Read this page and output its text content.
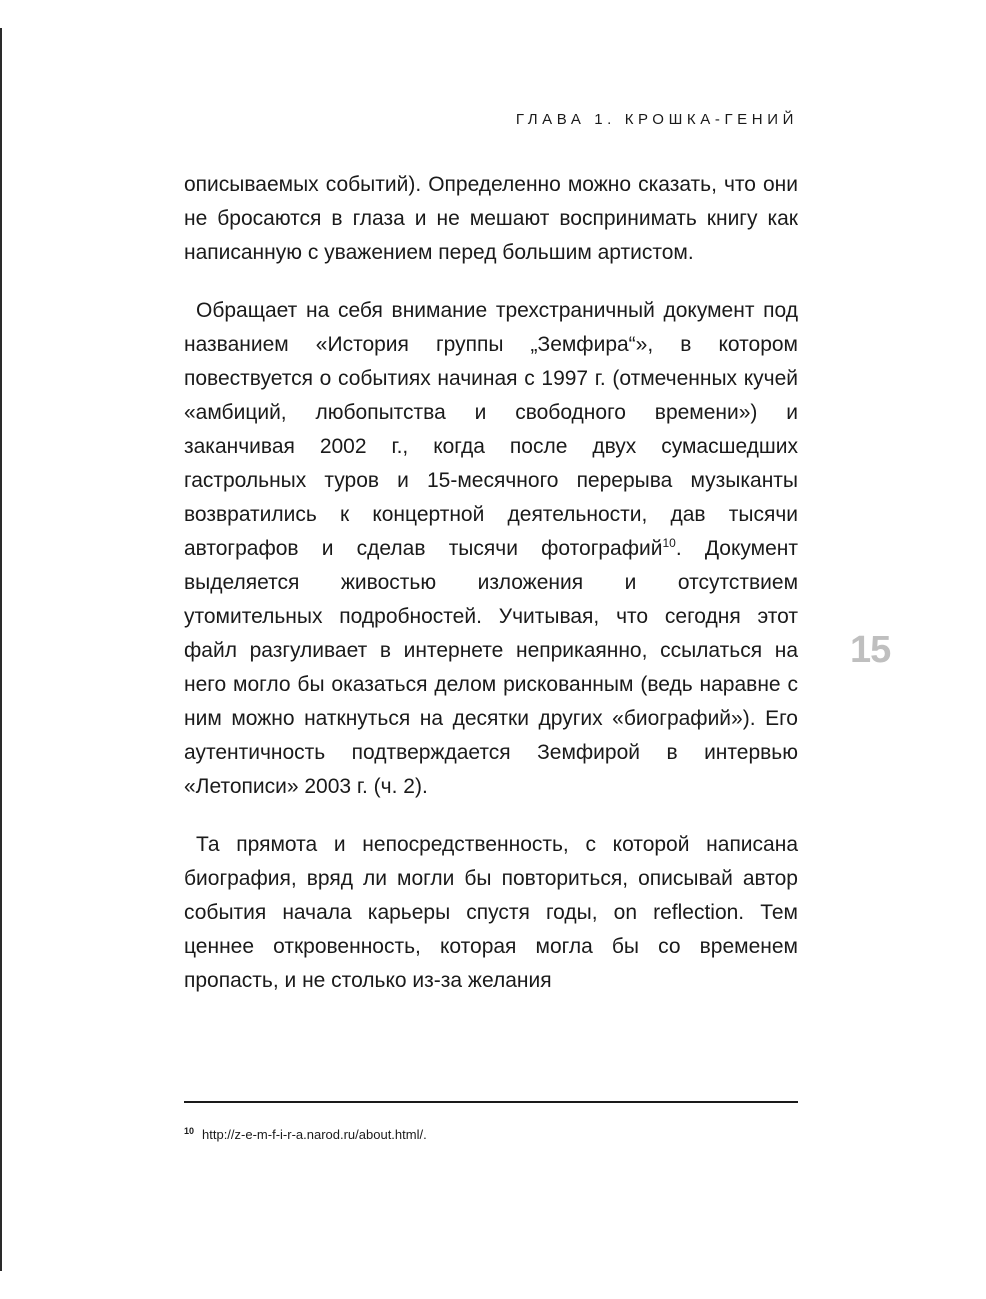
ГЛАВА 1. КРОШКА-ГЕНИЙ
15

описываемых событий). Определенно можно сказать, что они не бросаются в глаза и не мешают воспринимать книгу как написанную с уважением перед большим артистом.

Обращает на себя внимание трехстраничный документ под названием «История группы „Земфира“», в котором повествуется о событиях начиная с 1997 г. (отмеченных кучей «амбиций, любопытства и свободного времени») и заканчивая 2002 г., когда после двух сумасшедших гастрольных туров и 15-месячного перерыва музыканты возвратились к концертной деятельности, дав тысячи автографов и сделав тысячи фотографий$^{10}$. Документ выделяется живостью изложения и отсутствием утомительных подробностей. Учитывая, что сегодня этот файл разгуливает в интернете неприкаянно, ссылаться на него могло бы оказаться делом рискованным (ведь наравне с ним можно наткнуться на десятки других «биографий»). Его аутентичность подтверждается Земфирой в интервью «Летописи» 2003 г. (ч. 2).

Та прямота и непосредственность, с которой написана биография, вряд ли могли бы повториться, описывай автор события начала карьеры спустя годы, on reflection. Тем ценнее откровенность, которая могла бы со временем пропасть, и не столько из-за желания

$^{10}$ http://z-e-m-f-i-r-a.narod.ru/about.html/.
